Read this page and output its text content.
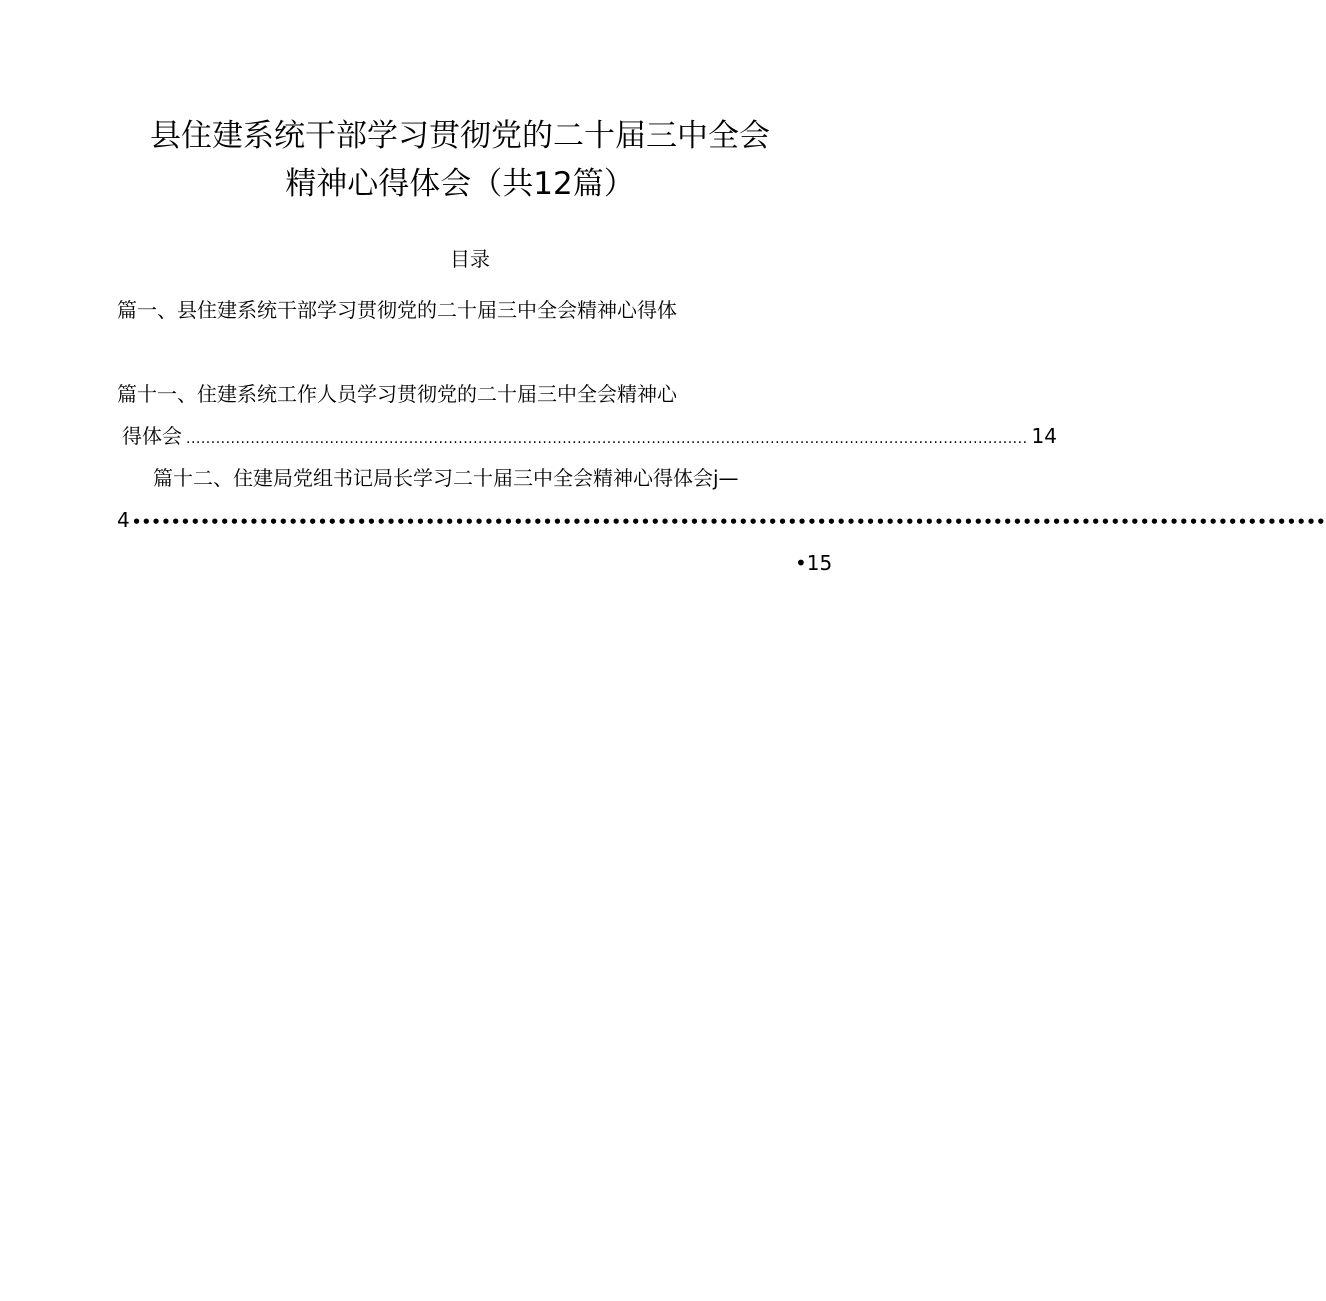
县住建系统干部学习贯彻党的二十届三中全会
精神心得体会（共12篇）
目录
篇一、县住建系统干部学习贯彻党的二十届三中全会精神心得体
篇十一、住建系统工作人员学习贯彻党的二十届三中全会精神心
得体会 .......................................................................................................................................................................... 14
篇十二、住建局党组书记局长学习二十届三中全会精神心得体会j—
4 ••••••••••••••••••••••••••••••••••••••••••••••••••••••••••••••••••••••••••••••••••••••••••••••••••••••••••••••••••••••••••
•15
